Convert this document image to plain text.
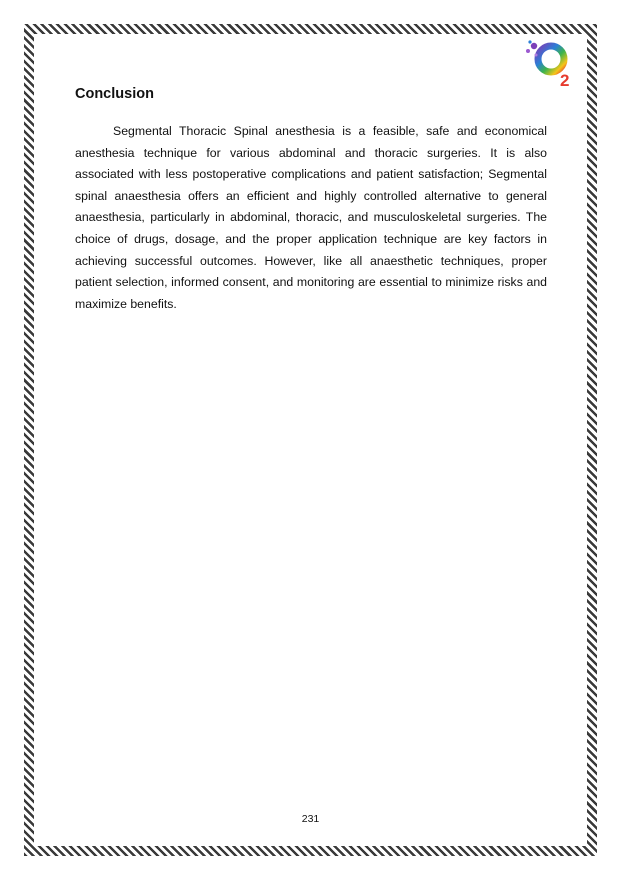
2
Conclusion

Segmental Thoracic Spinal anesthesia is a feasible, safe and economical anesthesia technique for various abdominal and thoracic surgeries. It is also associated with less postoperative complications and patient satisfaction; Segmental spinal anaesthesia offers an efficient and highly controlled alternative to general anaesthesia, particularly in abdominal, thoracic, and musculoskeletal surgeries. The choice of drugs, dosage, and the proper application technique are key factors in achieving successful outcomes. However, like all anaesthetic techniques, proper patient selection, informed consent, and monitoring are essential to minimize risks and maximize benefits.

231
